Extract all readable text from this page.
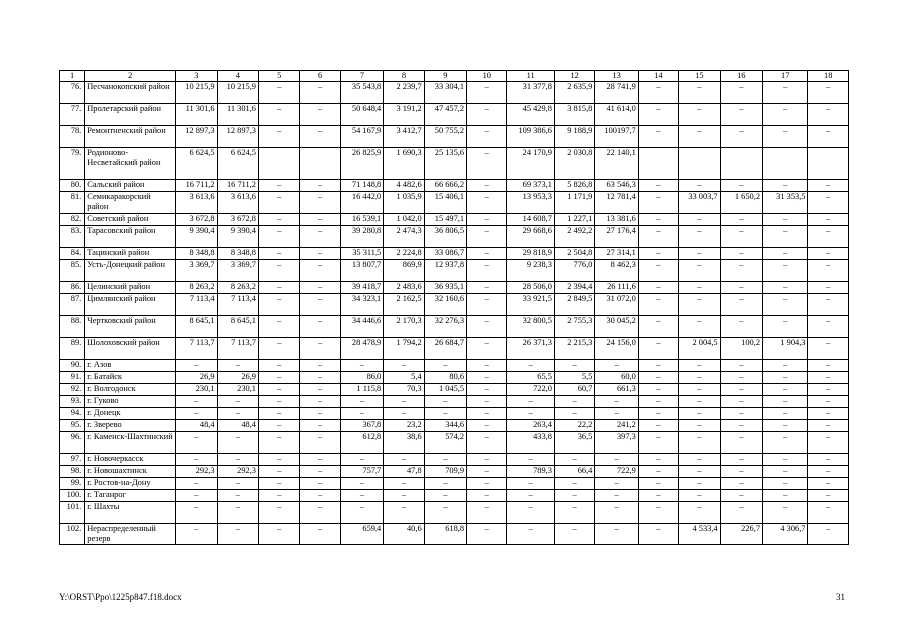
1	2	3	4	5	6	7	8	9	10	11	12	13	14	15	16	17	18
76.	Песчанокопский район	10 215,9	10 215,9	–	–	35 543,8	2 239,7	33 304,1	–	31 377,8	2 635,9	28 741,9	–	–	–	–	–
77.	Пролетарский район	11 301,6	11 301,6	–	–	50 648,4	3 191,2	47 457,2	–	45 429,8	3 815,8	41 614,0	–	–	–	–	–
78.	Ремонтненский район	12 897,3	12 897,3	–	–	54 167,9	3 412,7	50 755,2	–	109 386,6	9 188,9	100197,7	–	–	–	–	–
79.	Родионово-Несветайский район	6 624,5	6 624,5			26 825,9	1 690,3	25 135,6	–	24 170,9	2 030,8	22 140,1					
80.	Сальский район	16 711,2	16 711,2	–	–	71 148,8	4 482,6	66 666,2	–	69 373,1	5 826,8	63 546,3	–	–	–	–	–
81.	Семикаракорский район	3 613,6	3 613,6	–	–	16 442,0	1 035,9	15 406,1	–	13 953,3	1 171,9	12 781,4	–	33 003,7	1 650,2	31 353,5	–
82.	Советский район	3 672,8	3 672,8	–	–	16 539,1	1 042,0	15 497,1	–	14 608,7	1 227,1	13 381,6	–	–	–	–	–
83.	Тарасовский район	9 390,4	9 390,4	–	–	39 280,8	2 474,3	36 806,5	–	29 668,6	2 492,2	27 176,4	–	–	–	–	–
84.	Тацинский район	8 348,8	8 348,8	–	–	35 311,5	2 224,8	33 086,7	–	29 818,9	2 504,8	27 314,1	–	–	–	–	–
85.	Усть-Донецкий район	3 369,7	3 369,7	–	–	13 807,7	869,9	12 937,8	–	9 238,3	776,0	8 462,3	–	–	–	–	–
86.	Целинский район	8 263,2	8 263,2	–	–	39 418,7	2 483,6	36 935,1	–	28 506,0	2 394,4	26 111,6	–	–	–	–	–
87.	Цимлянский район	7 113,4	7 113,4	–	–	34 323,1	2 162,5	32 160,6	–	33 921,5	2 849,5	31 072,0	–	–	–	–	–
88.	Чертковский район	8 645,1	8 645,1	–	–	34 446,6	2 170,3	32 276,3	–	32 800,5	2 755,3	30 045,2	–	–	–	–	–
89.	Шолоховский район	7 113,7	7 113,7	–	–	28 478,9	1 794,2	26 684,7	–	26 371,3	2 215,3	24 156,0	–	2 004,5	100,2	1 904,3	–
90.	г. Азов	–	–	–	–	–	–	–	–	–	–	–	–	–	–	–	–
91.	г. Батайск	26,9	26,9	–	–	86,0	5,4	80,6	–	65,5	5,5	60,0	–	–	–	–	–
92.	г. Волгодонск	230,1	230,1	–	–	1 115,8	70,3	1 045,5	–	722,0	60,7	661,3	–	–	–	–	–
93.	г. Гуково	–	–	–	–	–	–	–	–	–	–	–	–	–	–	–	–
94.	г. Донецк	–	–	–	–	–	–	–	–	–	–	–	–	–	–	–	–
95.	г. Зверево	48,4	48,4	–	–	367,8	23,2	344,6	–	263,4	22,2	241,2	–	–	–	–	–
96.	г. Каменск-Шахтинский	–	–	–	–	612,8	38,6	574,2	–	433,8	36,5	397,3	–	–	–	–	–
97.	г. Новочеркасск	–	–	–	–	–	–	–	–	–	–	–	–	–	–	–	–
98.	г. Новошахтинск	292,3	292,3	–	–	757,7	47,8	709,9	–	789,3	66,4	722,9	–	–	–	–	–
99.	г. Ростов-на-Дону	–	–	–	–	–	–	–	–	–	–	–	–	–	–	–	–
100.	г. Таганрог	–	–	–	–	–	–	–	–	–	–	–	–	–	–	–	–
101.	г. Шахты	–	–	–	–	–	–	–	–	–	–	–	–	–	–	–	–
102.	Нераспределенный резерв	–	–	–	–	659,4	40,6	618,8	–	–	–	–	–	4 533,4	226,7	4 306,7	–
Y:\ORST\Ppo\1225p847.f18.docx	31
